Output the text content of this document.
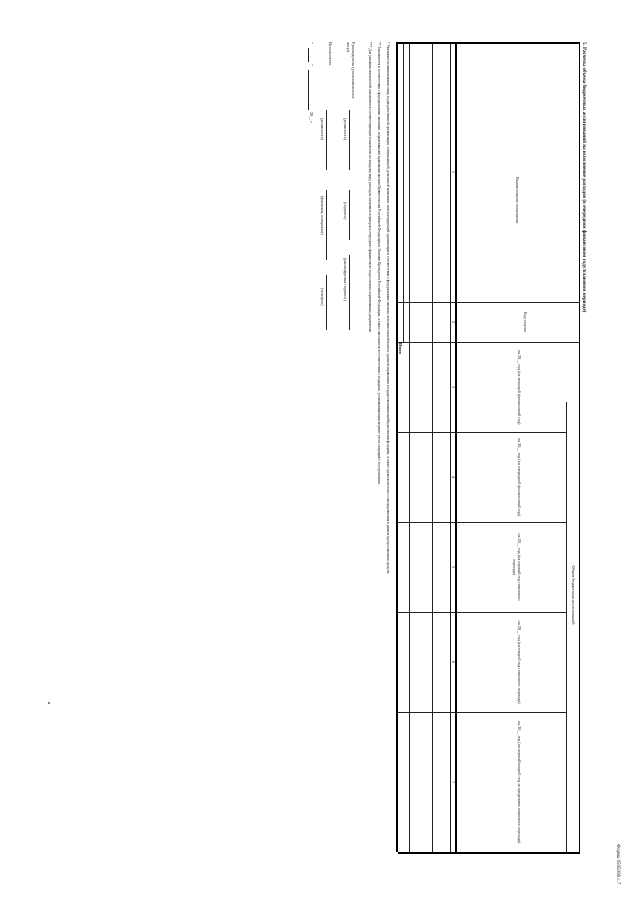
Форма 0505006 с.7
5. Расчеты объема бюджетных ассигнований на исполнение расходов (в очередном финансовом году/плановом периоде)
Наименование показателя
Код строки
Объем бюджетных ассигнований
на 20__ год (на текущий финансовый год)
на 20__ год (на очередной финансовый год)
на 20__ год (на первый год планового периода)
на 20__ год (на второй год планового периода)
на 20__ год (на первый/второй год за пределами планового периода)
1
2
3
4
5
6
7
Итого
* Указывается наименование лица, подведомственной организации, совершающей, ремонтной компании, эксплуатирующей организации в соответствии с федеральным законом, исполнительной власти, органов управления государственными внебюджетными фондами, а также органов местного самоуправления в рамках предоставления средств.
** Заполняется в соответствии с федеральными законами, нормативными правовыми актами Правительства Российской Федерации и Указами Президента Российской Федерации, а также заполняется в соответствии с порядком, устанавливающим ведение учета операций с поступлением.
*** Для указания показателей заполняются соответствующие показатели по каждому виду расходов, плановых периодов и очередного финансового года согласно нормативным документам.
Руководитель (уполномоченное лицо)
(должность)
(подпись)
(расшифровка подписи)
Исполнитель
(должность)
(фамилия, инициалы)
(телефон)
"
"
20__ г.
